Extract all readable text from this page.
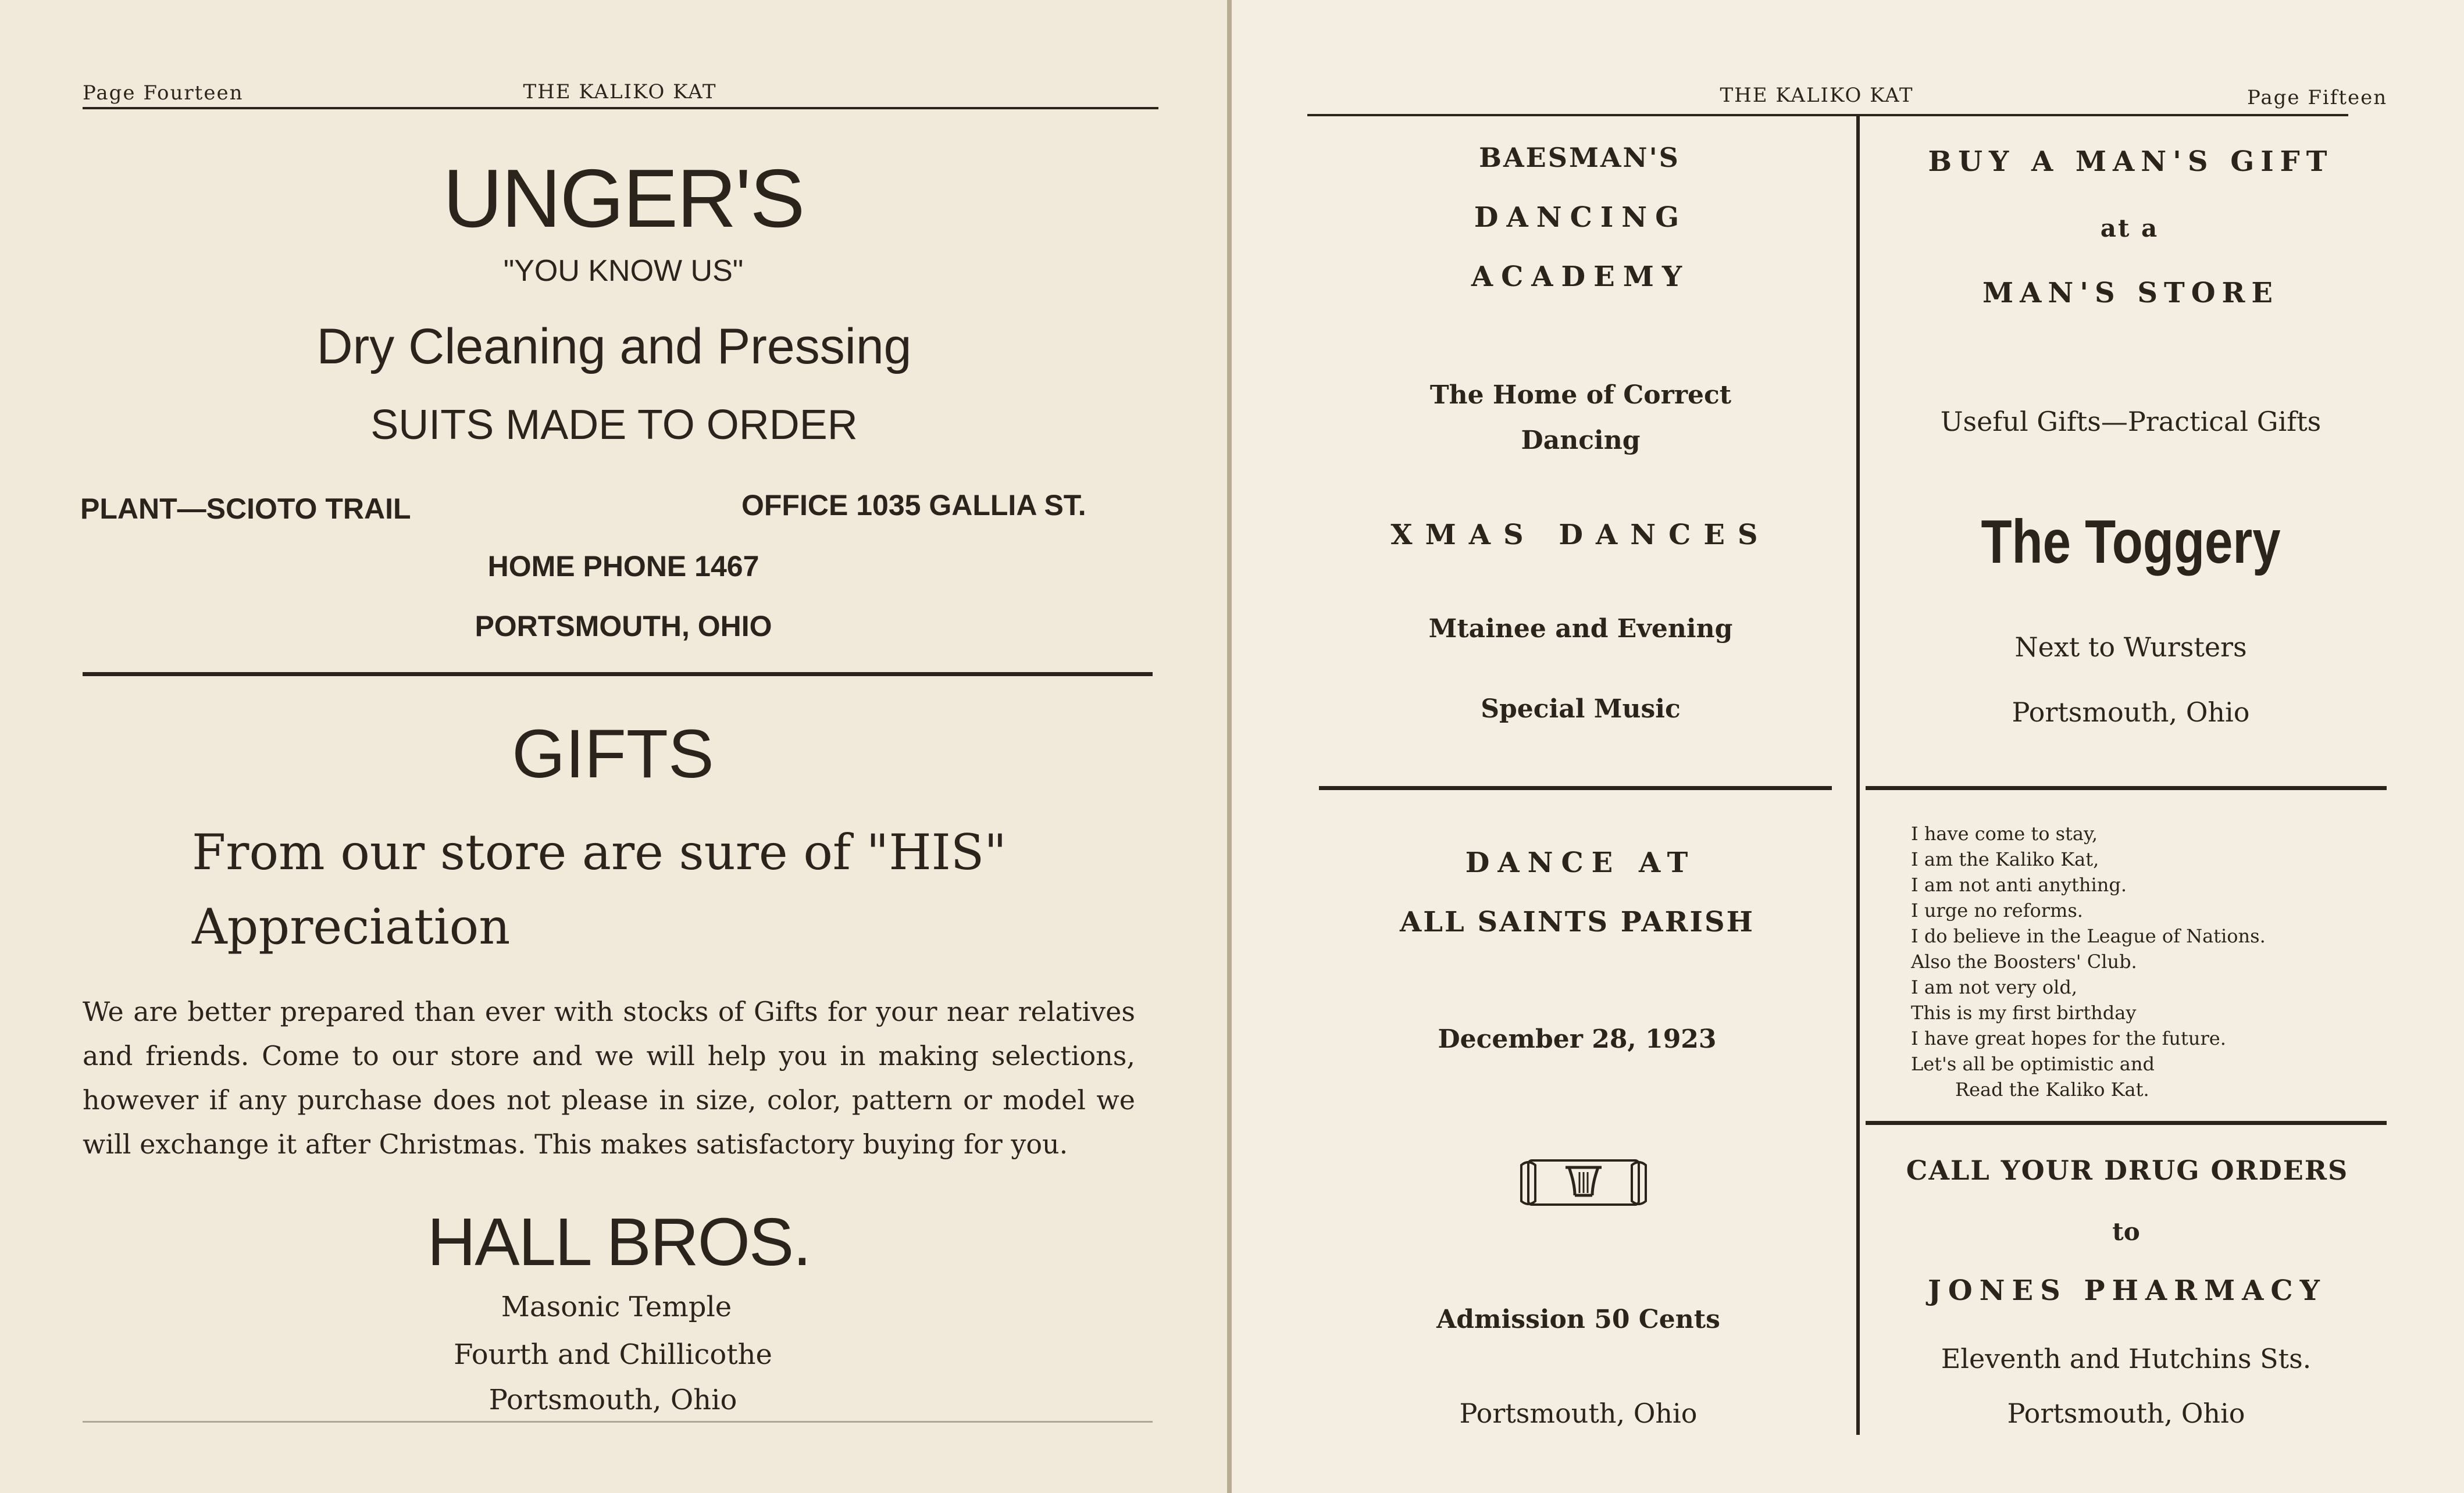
Page Fourteen	THE KALIKO KAT
UNGER'S
"YOU KNOW US"
Dry Cleaning and Pressing
SUITS MADE TO ORDER
PLANT—SCIOTO TRAIL	OFFICE 1035 GALLIA ST.
HOME PHONE 1467
PORTSMOUTH, OHIO
GIFTS
From our store are sure of "HIS"
Appreciation
We are better prepared than ever with stocks of Gifts for your near relatives and friends. Come to our store and we will help you in making selections, however if any purchase does not please in size, color, pattern or model we will exchange it after Christmas. This makes satisfactory buying for you.
HALL BROS.
Masonic Temple
Fourth and Chillicothe
Portsmouth, Ohio
THE KALIKO KAT	Page Fifteen
BAESMAN'S
DANCING
ACADEMY
The Home of Correct
Dancing
XMAS DANCES
Mtainee and Evening
Special Music
DANCE AT
ALL SAINTS PARISH
December 28, 1923
Admission 50 Cents
Portsmouth, Ohio
BUY A MAN'S GIFT
at a
MAN'S STORE
Useful Gifts—Practical Gifts
The Toggery
Next to Wursters
Portsmouth, Ohio
I have come to stay,
I am the Kaliko Kat,
I am not anti anything.
I urge no reforms.
I do believe in the League of Nations.
Also the Boosters' Club.
I am not very old,
This is my first birthday
I have great hopes for the future.
Let's all be optimistic and
Read the Kaliko Kat.
CALL YOUR DRUG ORDERS
to
JONES PHARMACY
Eleventh and Hutchins Sts.
Portsmouth, Ohio
